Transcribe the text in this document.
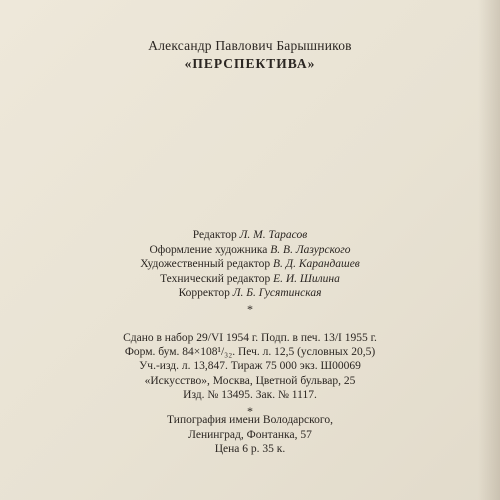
Александр Павлович Барышников
«ПЕРСПЕКТИВА»
Редактор Л. М. Тарасов
Оформление художника В. В. Лазурского
Художественный редактор В. Д. Карандашев
Технический редактор Е. И. Шилина
Корректор Л. Б. Гусятинская
*
Сдано в набор 29/VI 1954 г. Подп. в печ. 13/I 1955 г.
Форм. бум. 84×108¹/₃₂. Печ. л. 12,5 (условных 20,5)
Уч.-изд. л. 13,847. Тираж 75 000 экз. Ш00069
«Искусство», Москва, Цветной бульвар, 25
Изд. № 13495. Зак. № 1117.
*
Типография имени Володарского,
Ленинград, Фонтанка, 57
Цена 6 р. 35 к.
